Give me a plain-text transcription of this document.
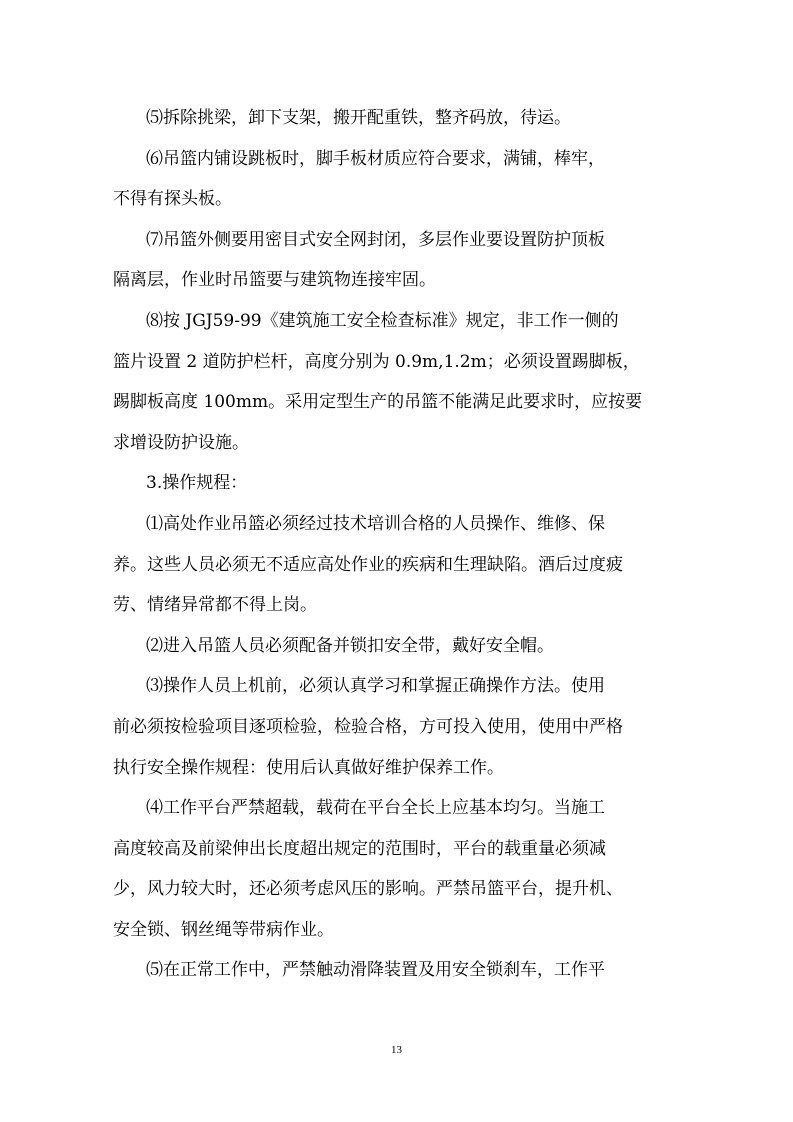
⑸拆除挑梁，卸下支架，搬开配重铁，整齐码放，待运。

⑹吊篮内铺设跳板时，脚手板材质应符合要求，满铺，棒牢，
不得有探头板。

⑺吊篮外侧要用密目式安全网封闭，多层作业要设置防护顶板
隔离层，作业时吊篮要与建筑物连接牢固。

⑻按 JGJ59-99《建筑施工安全检查标准》规定，非工作一侧的
篮片设置 2 道防护栏杆，高度分别为 0.9m,1.2m；必须设置踢脚板，
踢脚板高度 100mm。采用定型生产的吊篮不能满足此要求时，应按要
求增设防护设施。

3.操作规程：

⑴高处作业吊篮必须经过技术培训合格的人员操作、维修、保
养。这些人员必须无不适应高处作业的疾病和生理缺陷。酒后过度疲
劳、情绪异常都不得上岗。

⑵进入吊篮人员必须配备并锁扣安全带，戴好安全帽。

⑶操作人员上机前，必须认真学习和掌握正确操作方法。使用
前必须按检验项目逐项检验，检验合格，方可投入使用，使用中严格
执行安全操作规程：使用后认真做好维护保养工作。

⑷工作平台严禁超载，载荷在平台全长上应基本均匀。当施工
高度较高及前梁伸出长度超出规定的范围时，平台的载重量必须减
少，风力较大时，还必须考虑风压的影响。严禁吊篮平台，提升机、
安全锁、钢丝绳等带病作业。

⑸在正常工作中，严禁触动滑降装置及用安全锁刹车，工作平

13
